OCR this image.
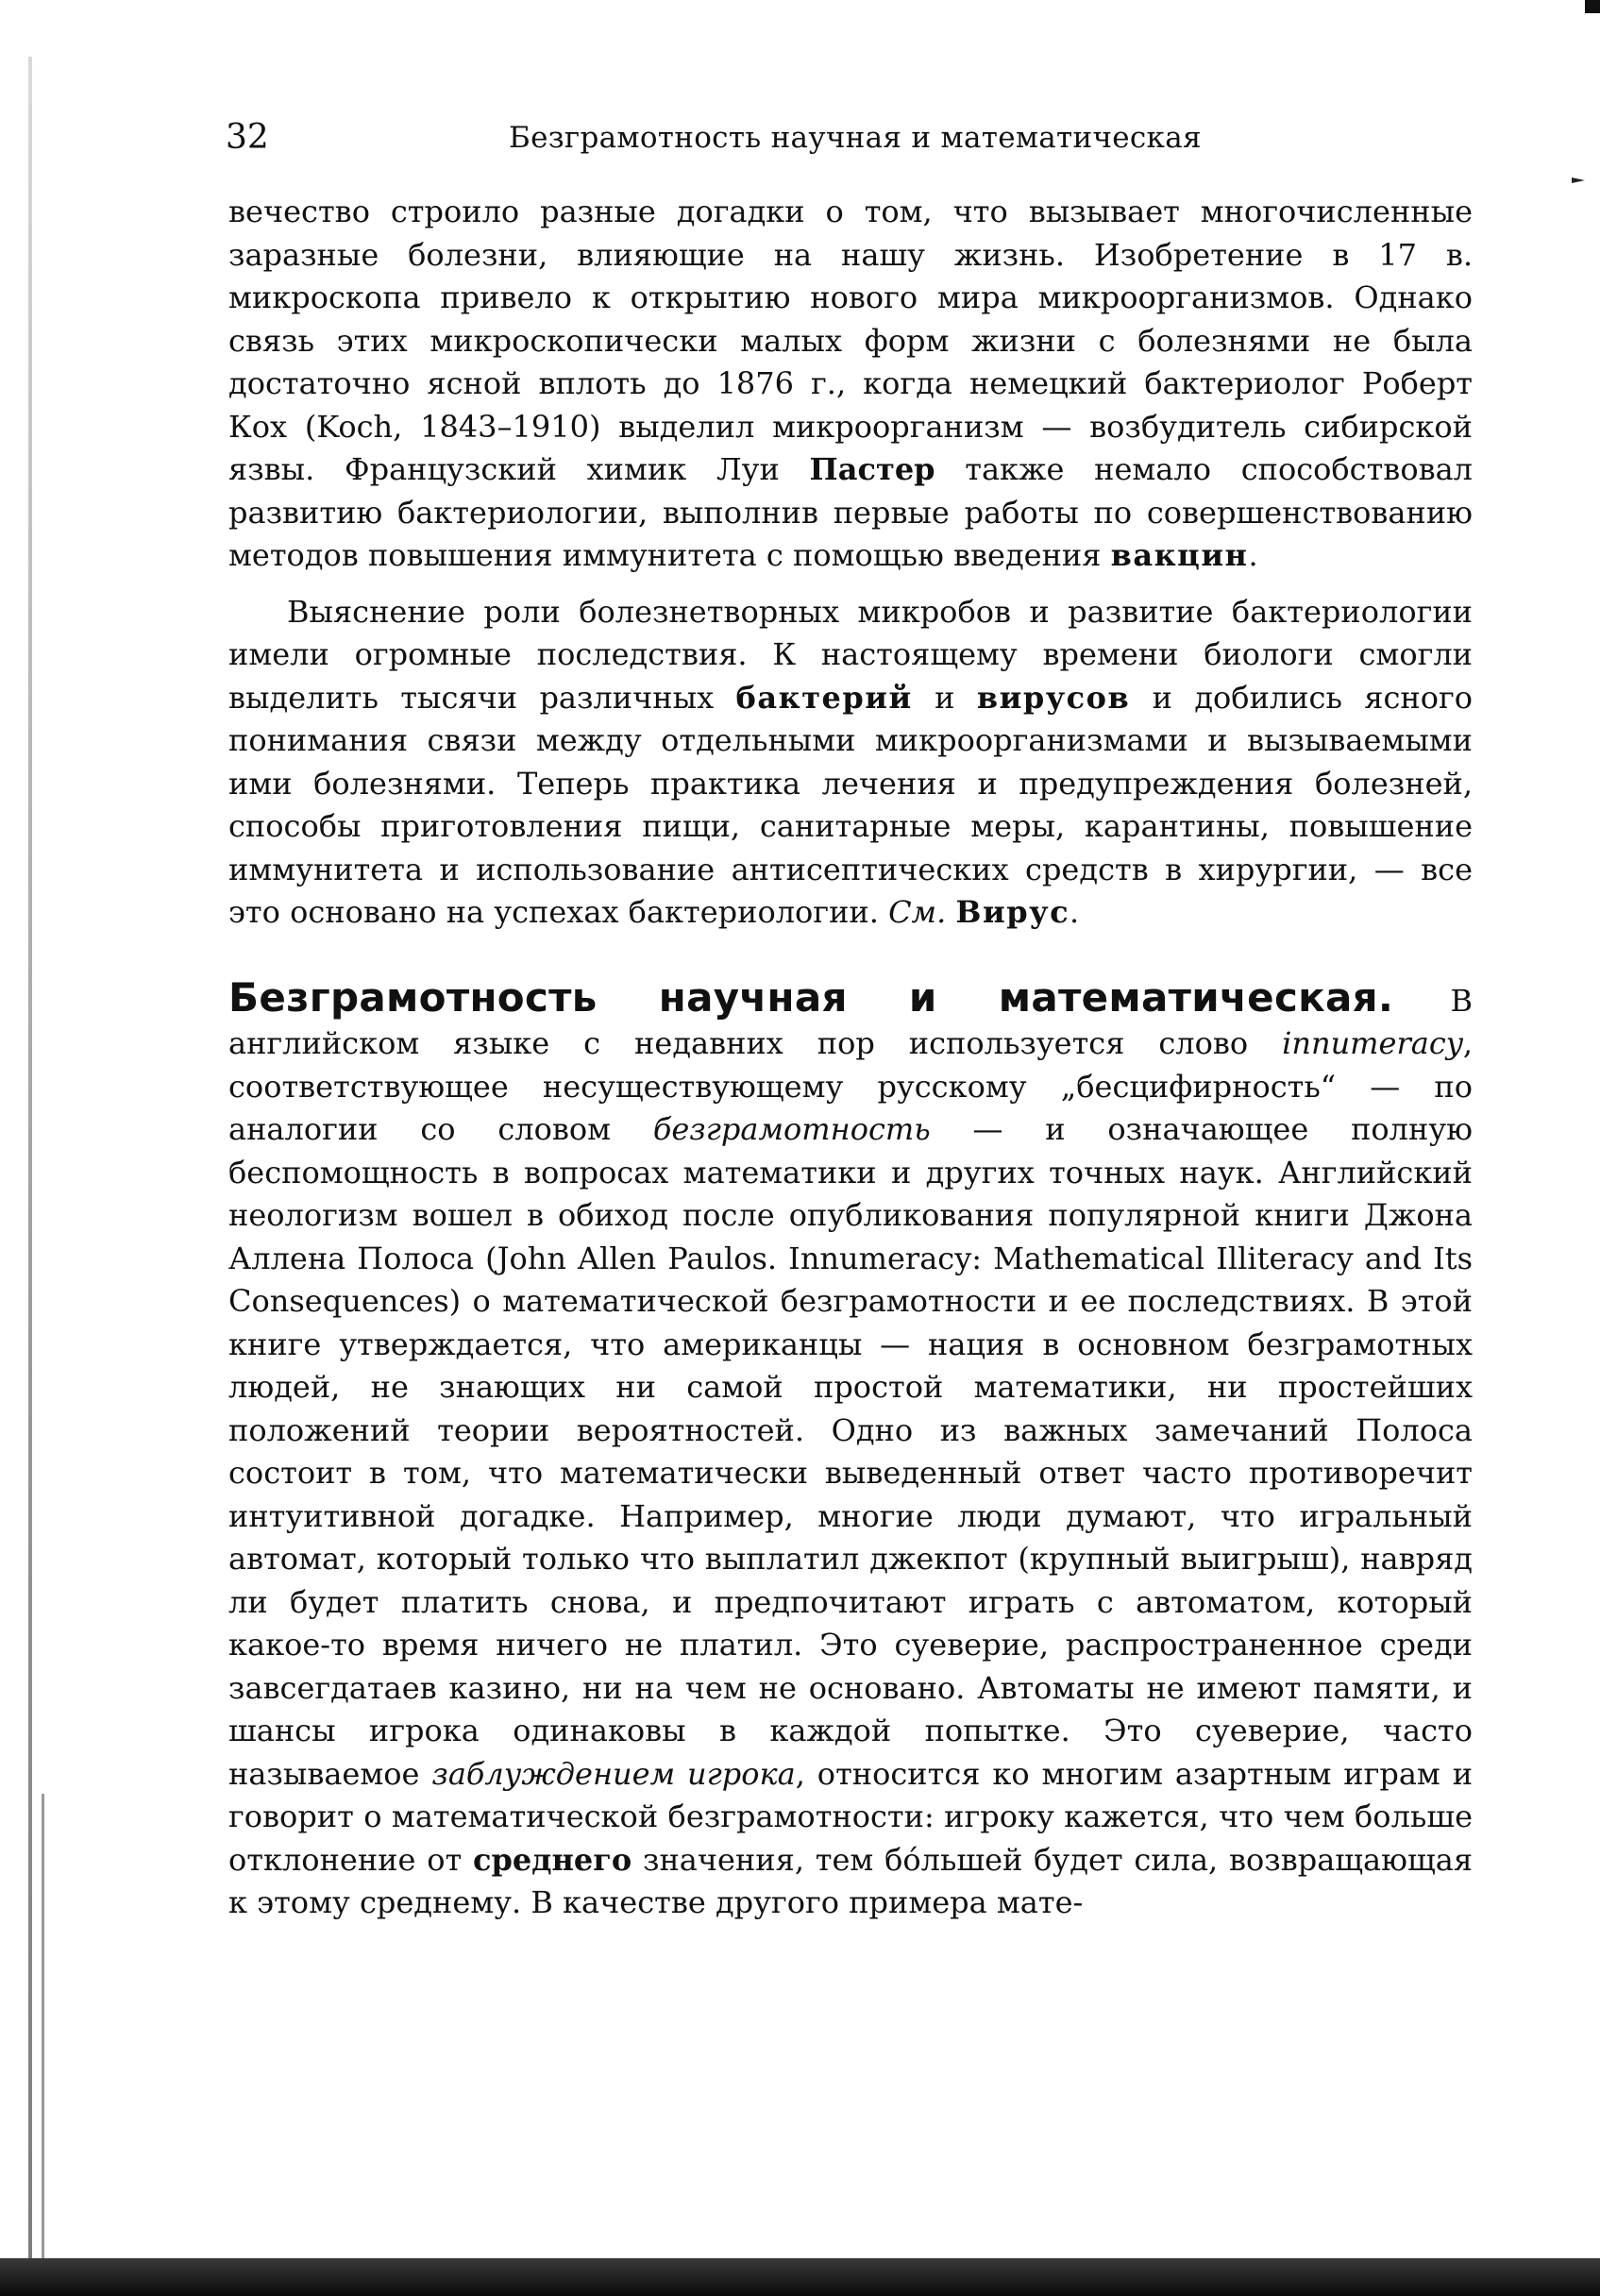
32	Безграмотность научная и математическая

вечество строило разные догадки о том, что вызывает многочисленные заразные болезни, влияющие на нашу жизнь. Изобретение в 17 в. микроскопа привело к открытию нового мира микроорганизмов. Однако связь этих микроскопически малых форм жизни с болезнями не была достаточно ясной вплоть до 1876 г., когда немецкий бактериолог Роберт Кох (Koch, 1843–1910) выделил микроорганизм — возбудитель сибирской язвы. Французский химик Луи Пастер также немало способствовал развитию бактериологии, выполнив первые работы по совершенствованию методов повышения иммунитета с помощью введения вакцин.

Выяснение роли болезнетворных микробов и развитие бактериологии имели огромные последствия. К настоящему времени биологи смогли выделить тысячи различных бактерий и вирусов и добились ясного понимания связи между отдельными микроорганизмами и вызываемыми ими болезнями. Теперь практика лечения и предупреждения болезней, способы приготовления пищи, санитарные меры, карантины, повышение иммунитета и использование антисептических средств в хирургии, — все это основано на успехах бактериологии. См. Вирус.

Безграмотность научная и математическая. В английском языке с недавних пор используется слово innumeracy, соответствующее несуществующему русскому „бесцифирность“ — по аналогии со словом безграмотность — и означающее полную беспомощность в вопросах математики и других точных наук. Английский неологизм вошел в обиход после опубликования популярной книги Джона Аллена Полоса (John Allen Paulos. Innumeracy: Mathematical Illiteracy and Its Consequences) о математической безграмотности и ее последствиях. В этой книге утверждается, что американцы — нация в основном безграмотных людей, не знающих ни самой простой математики, ни простейших положений теории вероятностей. Одно из важных замечаний Полоса состоит в том, что математически выведенный ответ часто противоречит интуитивной догадке. Например, многие люди думают, что игральный автомат, который только что выплатил джекпот (крупный выигрыш), навряд ли будет платить снова, и предпочитают играть с автоматом, который какое-то время ничего не платил. Это суеверие, распространенное среди завсегдатаев казино, ни на чем не основано. Автоматы не имеют памяти, и шансы игрока одинаковы в каждой попытке. Это суеверие, часто называемое заблуждением игрока, относится ко многим азартным играм и говорит о математической безграмотности: игроку кажется, что чем больше отклонение от среднего значения, тем бо́льшей будет сила, возвращающая к этому среднему. В качестве другого примера мате-
